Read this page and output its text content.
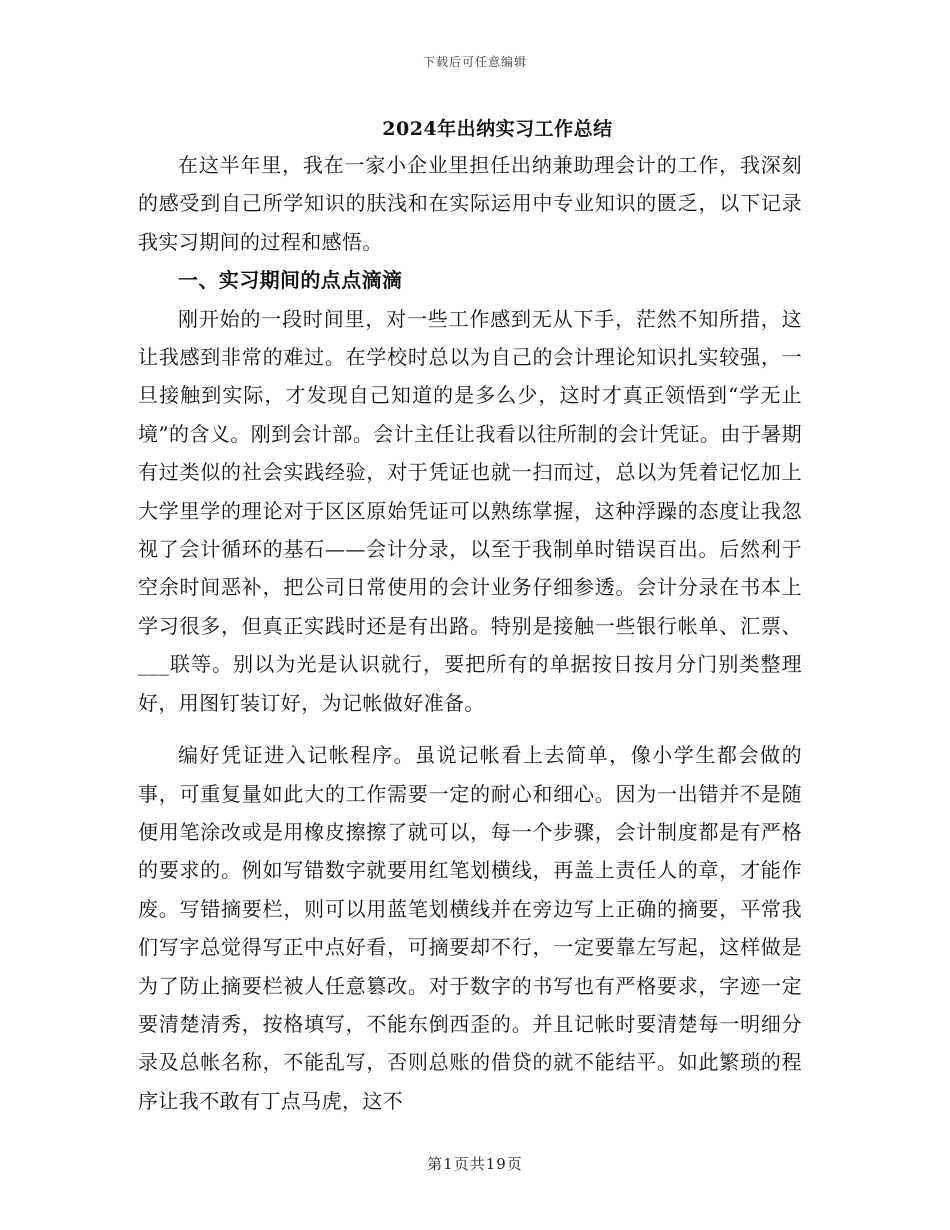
下载后可任意编辑
2024年出纳实习工作总结

在这半年里，我在一家小企业里担任出纳兼助理会计的工作，我深刻的感受到自己所学知识的肤浅和在实际运用中专业知识的匮乏，以下记录我实习期间的过程和感悟。

一、实习期间的点点滴滴

刚开始的一段时间里，对一些工作感到无从下手，茫然不知所措，这让我感到非常的难过。在学校时总以为自己的会计理论知识扎实较强，一旦接触到实际，才发现自己知道的是多么少，这时才真正领悟到“学无止境”的含义。刚到会计部。会计主任让我看以往所制的会计凭证。由于暑期有过类似的社会实践经验，对于凭证也就一扫而过，总以为凭着记忆加上大学里学的理论对于区区原始凭证可以熟练掌握，这种浮躁的态度让我忽视了会计循环的基石——会计分录，以至于我制单时错误百出。后然利于空余时间恶补，把公司日常使用的会计业务仔细参透。会计分录在书本上学习很多，但真正实践时还是有出路。特别是接触一些银行帐单、汇票、___联等。别以为光是认识就行，要把所有的单据按日按月分门别类整理好，用图钉装订好，为记帐做好准备。

编好凭证进入记帐程序。虽说记帐看上去简单，像小学生都会做的事，可重复量如此大的工作需要一定的耐心和细心。因为一出错并不是随便用笔涂改或是用橡皮擦擦了就可以，每一个步骤，会计制度都是有严格的要求的。例如写错数字就要用红笔划横线，再盖上责任人的章，才能作废。写错摘要栏，则可以用蓝笔划横线并在旁边写上正确的摘要，平常我们写字总觉得写正中点好看，可摘要却不行，一定要靠左写起，这样做是为了防止摘要栏被人任意篡改。对于数字的书写也有严格要求，字迹一定要清楚清秀，按格填写，不能东倒西歪的。并且记帐时要清楚每一明细分录及总帐名称，不能乱写，否则总账的借贷的就不能结平。如此繁琐的程序让我不敢有丁点马虎，这不

第1页共19页
